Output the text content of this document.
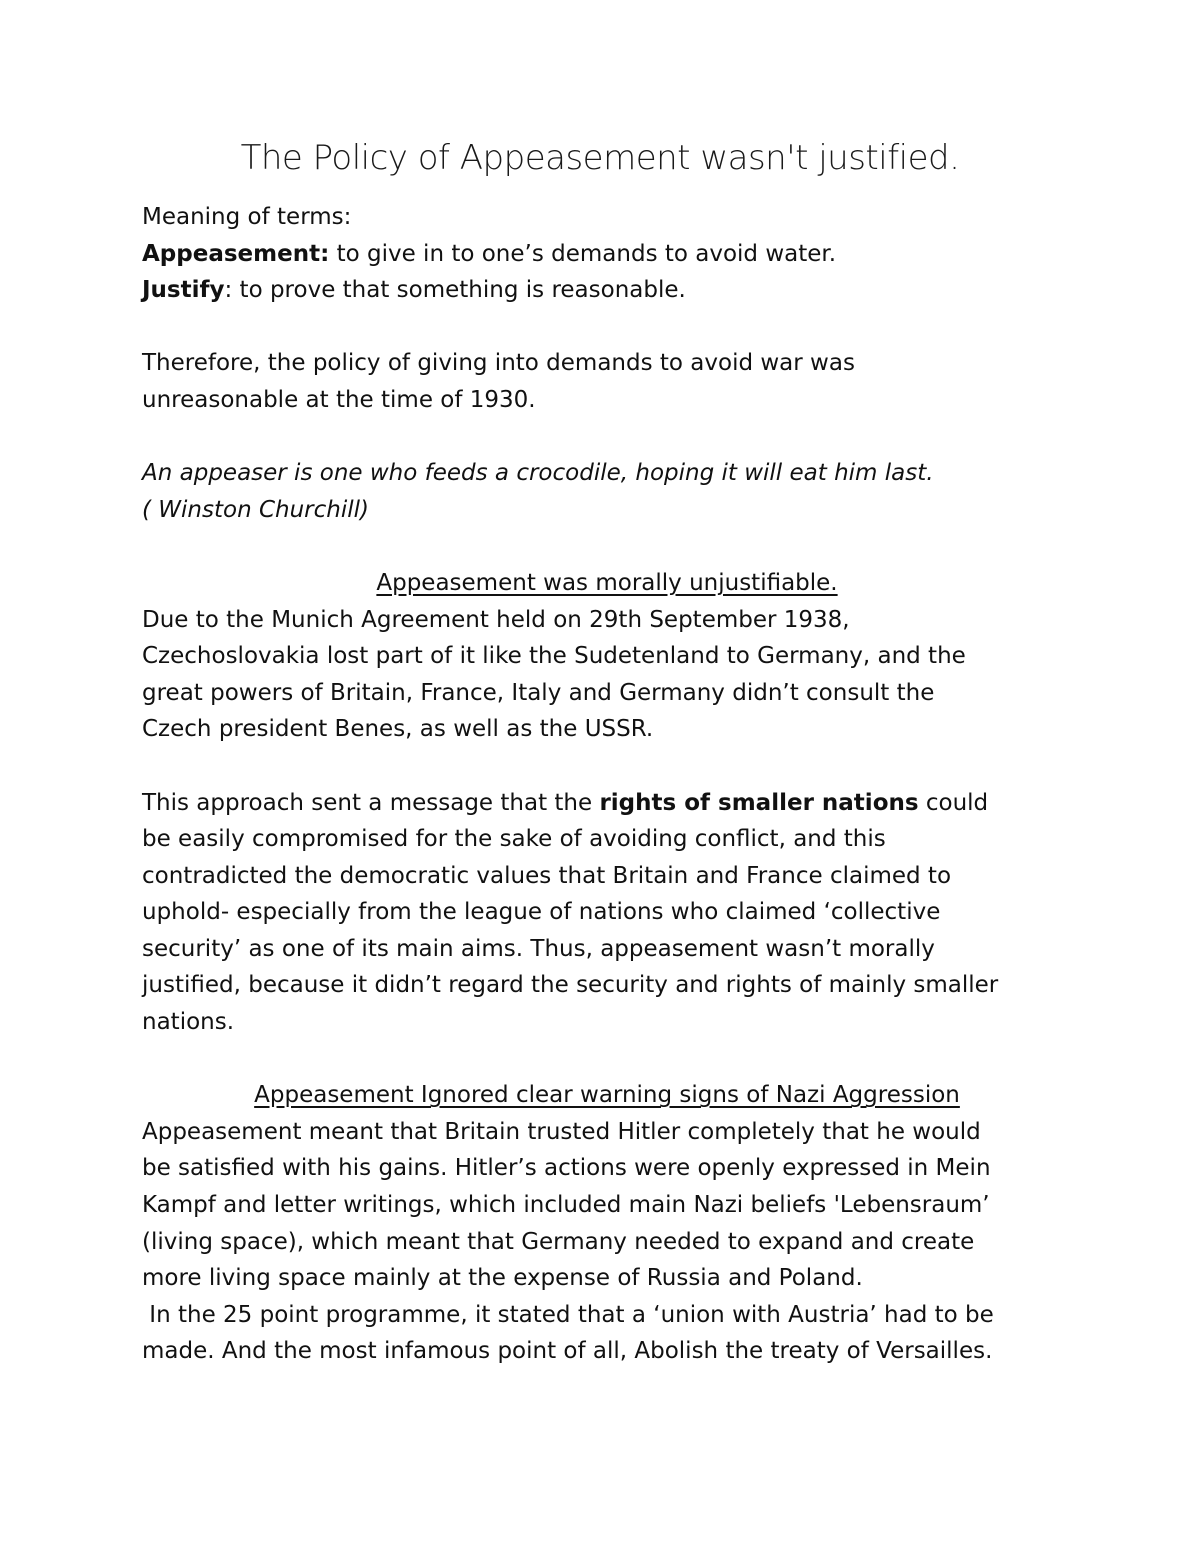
The Policy of Appeasement wasn't justified.

Meaning of terms:

Appeasement: to give in to one’s demands to avoid water.

Justify: to prove that something is reasonable.

Therefore, the policy of giving into demands to avoid war was

unreasonable at the time of 1930.

An appeaser is one who feeds a crocodile, hoping it will eat him last.

( Winston Churchill)

Appeasement was morally unjustifiable.

Due to the Munich Agreement held on 29th September 1938,

Czechoslovakia lost part of it like the Sudetenland to Germany, and the

great powers of Britain, France, Italy and Germany didn’t consult the

Czech president Benes, as well as the USSR.

This approach sent a message that the rights of smaller nations could

be easily compromised for the sake of avoiding conflict, and this

contradicted the democratic values that Britain and France claimed to

uphold- especially from the league of nations who claimed ‘collective

security’ as one of its main aims. Thus, appeasement wasn’t morally

justified, because it didn’t regard the security and rights of mainly smaller

nations.

Appeasement Ignored clear warning signs of Nazi Aggression

Appeasement meant that Britain trusted Hitler completely that he would

be satisfied with his gains. Hitler’s actions were openly expressed in Mein

Kampf and letter writings, which included main Nazi beliefs 'Lebensraum’

(living space), which meant that Germany needed to expand and create

more living space mainly at the expense of Russia and Poland.

In the 25 point programme, it stated that a ‘union with Austria’ had to be

made. And the most infamous point of all, Abolish the treaty of Versailles.
